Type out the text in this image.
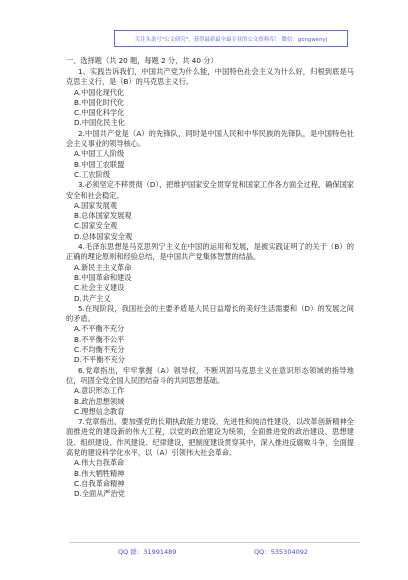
关注头条号"公文研究"，获得最新最全最专业的公文资料库！ 微信：gongwenyj
一、选择题（共 20 题，每题 2 分，共 40 分）
1、实践告诉我们，中国共产党为什么能，中国特色社会主义为什么好，归根到底是马克思主义行，是（B）的马克思主义行。
A.中国化现代化
B.中国化时代化
C.中国化科学化
D.中国化民主化
2.中国共产党是（A）的先锋队，同时是中国人民和中华民族的先锋队，是中国特色社会主义事业的领导核心。
A.中国工人阶级
B.中国工农联盟
C.工农阶级
3.必须坚定不移贯彻（D），把维护国家安全贯穿党和国家工作各方面全过程，确保国家安全和社会稳定。
A.国家发展观
B.总体国家发展观
C.国家安全观
D.总体国家安全观
4.毛泽东思想是马克思列宁主义在中国的运用和发展，是被实践证明了的关于（B）的正确的理论原则和经验总结，是中国共产党集体智慧的结晶。
A.新民主主义革命
B.中国革命和建设
C.社会主义建设
D.共产主义
5.在现阶段，我国社会的主要矛盾是人民日益增长的美好生活需要和（D）的发展之间的矛盾。
A.不平衡不充分
B.不平衡不公平
C.不均衡不充分
D.不平衡不充分
6.党章指出，牢牢掌握（A）领导权，不断巩固马克思主义在意识形态领域的指导地位，巩固全党全国人民团结奋斗的共同思想基础。
A.意识形态工作
B.政治思想领域
C.理想信念教育
7.党章指出，要加强党的长期执政能力建设、先进性和纯洁性建设，以改革创新精神全面推进党的建设新的伟大工程，以党的政治建设为统领，全面推进党的政治建设、思想建设、组织建设、作风建设、纪律建设，把制度建设贯穿其中，深入推进反腐败斗争，全面提高党的建设科学化水平，以（A）引领伟大社会革命。
A.伟大自我革命
B.伟大牺牲精神
C.自我革命精神
D.全面从严治党
QQ 群：31991489	QQ：535304092
